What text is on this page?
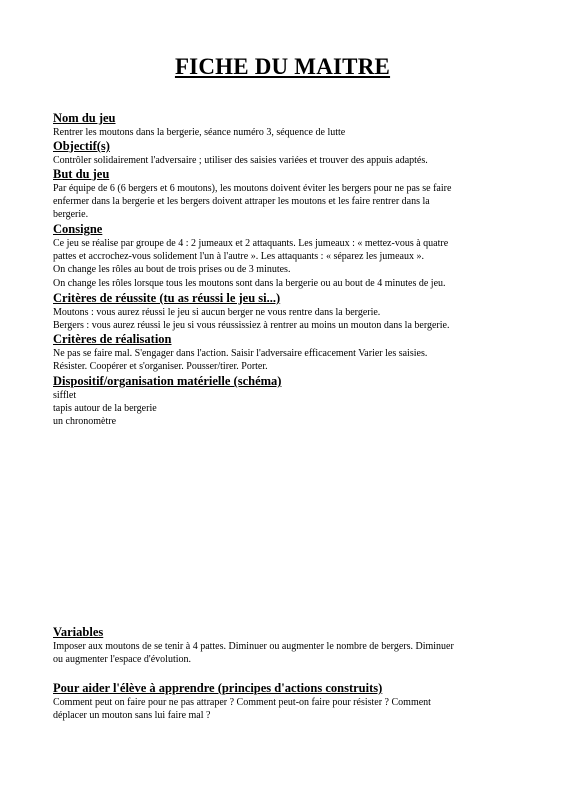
FICHE DU MAITRE
Nom du jeu

Rentrer les moutons dans la bergerie, séance numéro 3, séquence de lutte

Objectif(s)

Contrôler solidairement l'adversaire ; utiliser des saisies variées et trouver des appuis adaptés.

But du jeu

Par équipe de 6 (6 bergers et 6 moutons), les moutons doivent éviter les bergers pour ne pas se faire

enfermer dans la bergerie et les bergers doivent attraper les moutons et les faire rentrer dans la

bergerie.

Consigne

Ce jeu se réalise par groupe de 4 : 2 jumeaux et 2 attaquants. Les jumeaux : « mettez-vous à quatre

pattes et accrochez-vous solidement l'un à l'autre ». Les attaquants : « séparez les jumeaux ».

On change les rôles au bout de trois prises ou de 3 minutes.

On change les rôles lorsque tous les moutons sont dans la bergerie ou au bout de 4 minutes de jeu.

Critères de réussite (tu as réussi le jeu si...)

Moutons : vous aurez réussi le jeu si aucun berger ne vous rentre dans la bergerie.

Bergers : vous aurez réussi le jeu si vous réussissiez à rentrer au moins un mouton dans la bergerie.

Critères de réalisation

Ne pas se faire mal. S'engager dans l'action. Saisir l'adversaire efficacement Varier les saisies.

Résister. Coopérer et s'organiser. Pousser/tirer. Porter.

Dispositif/organisation matérielle (schéma)

sifflet

tapis autour de la bergerie

un chronomètre

Variables

Imposer aux moutons de se tenir à 4 pattes. Diminuer ou augmenter le nombre de bergers. Diminuer

ou augmenter l'espace d'évolution.

Pour aider l'élève à apprendre (principes d'actions construits)

Comment peut on faire pour ne pas attraper ? Comment peut-on faire pour résister ? Comment

déplacer un mouton sans lui faire mal ?
